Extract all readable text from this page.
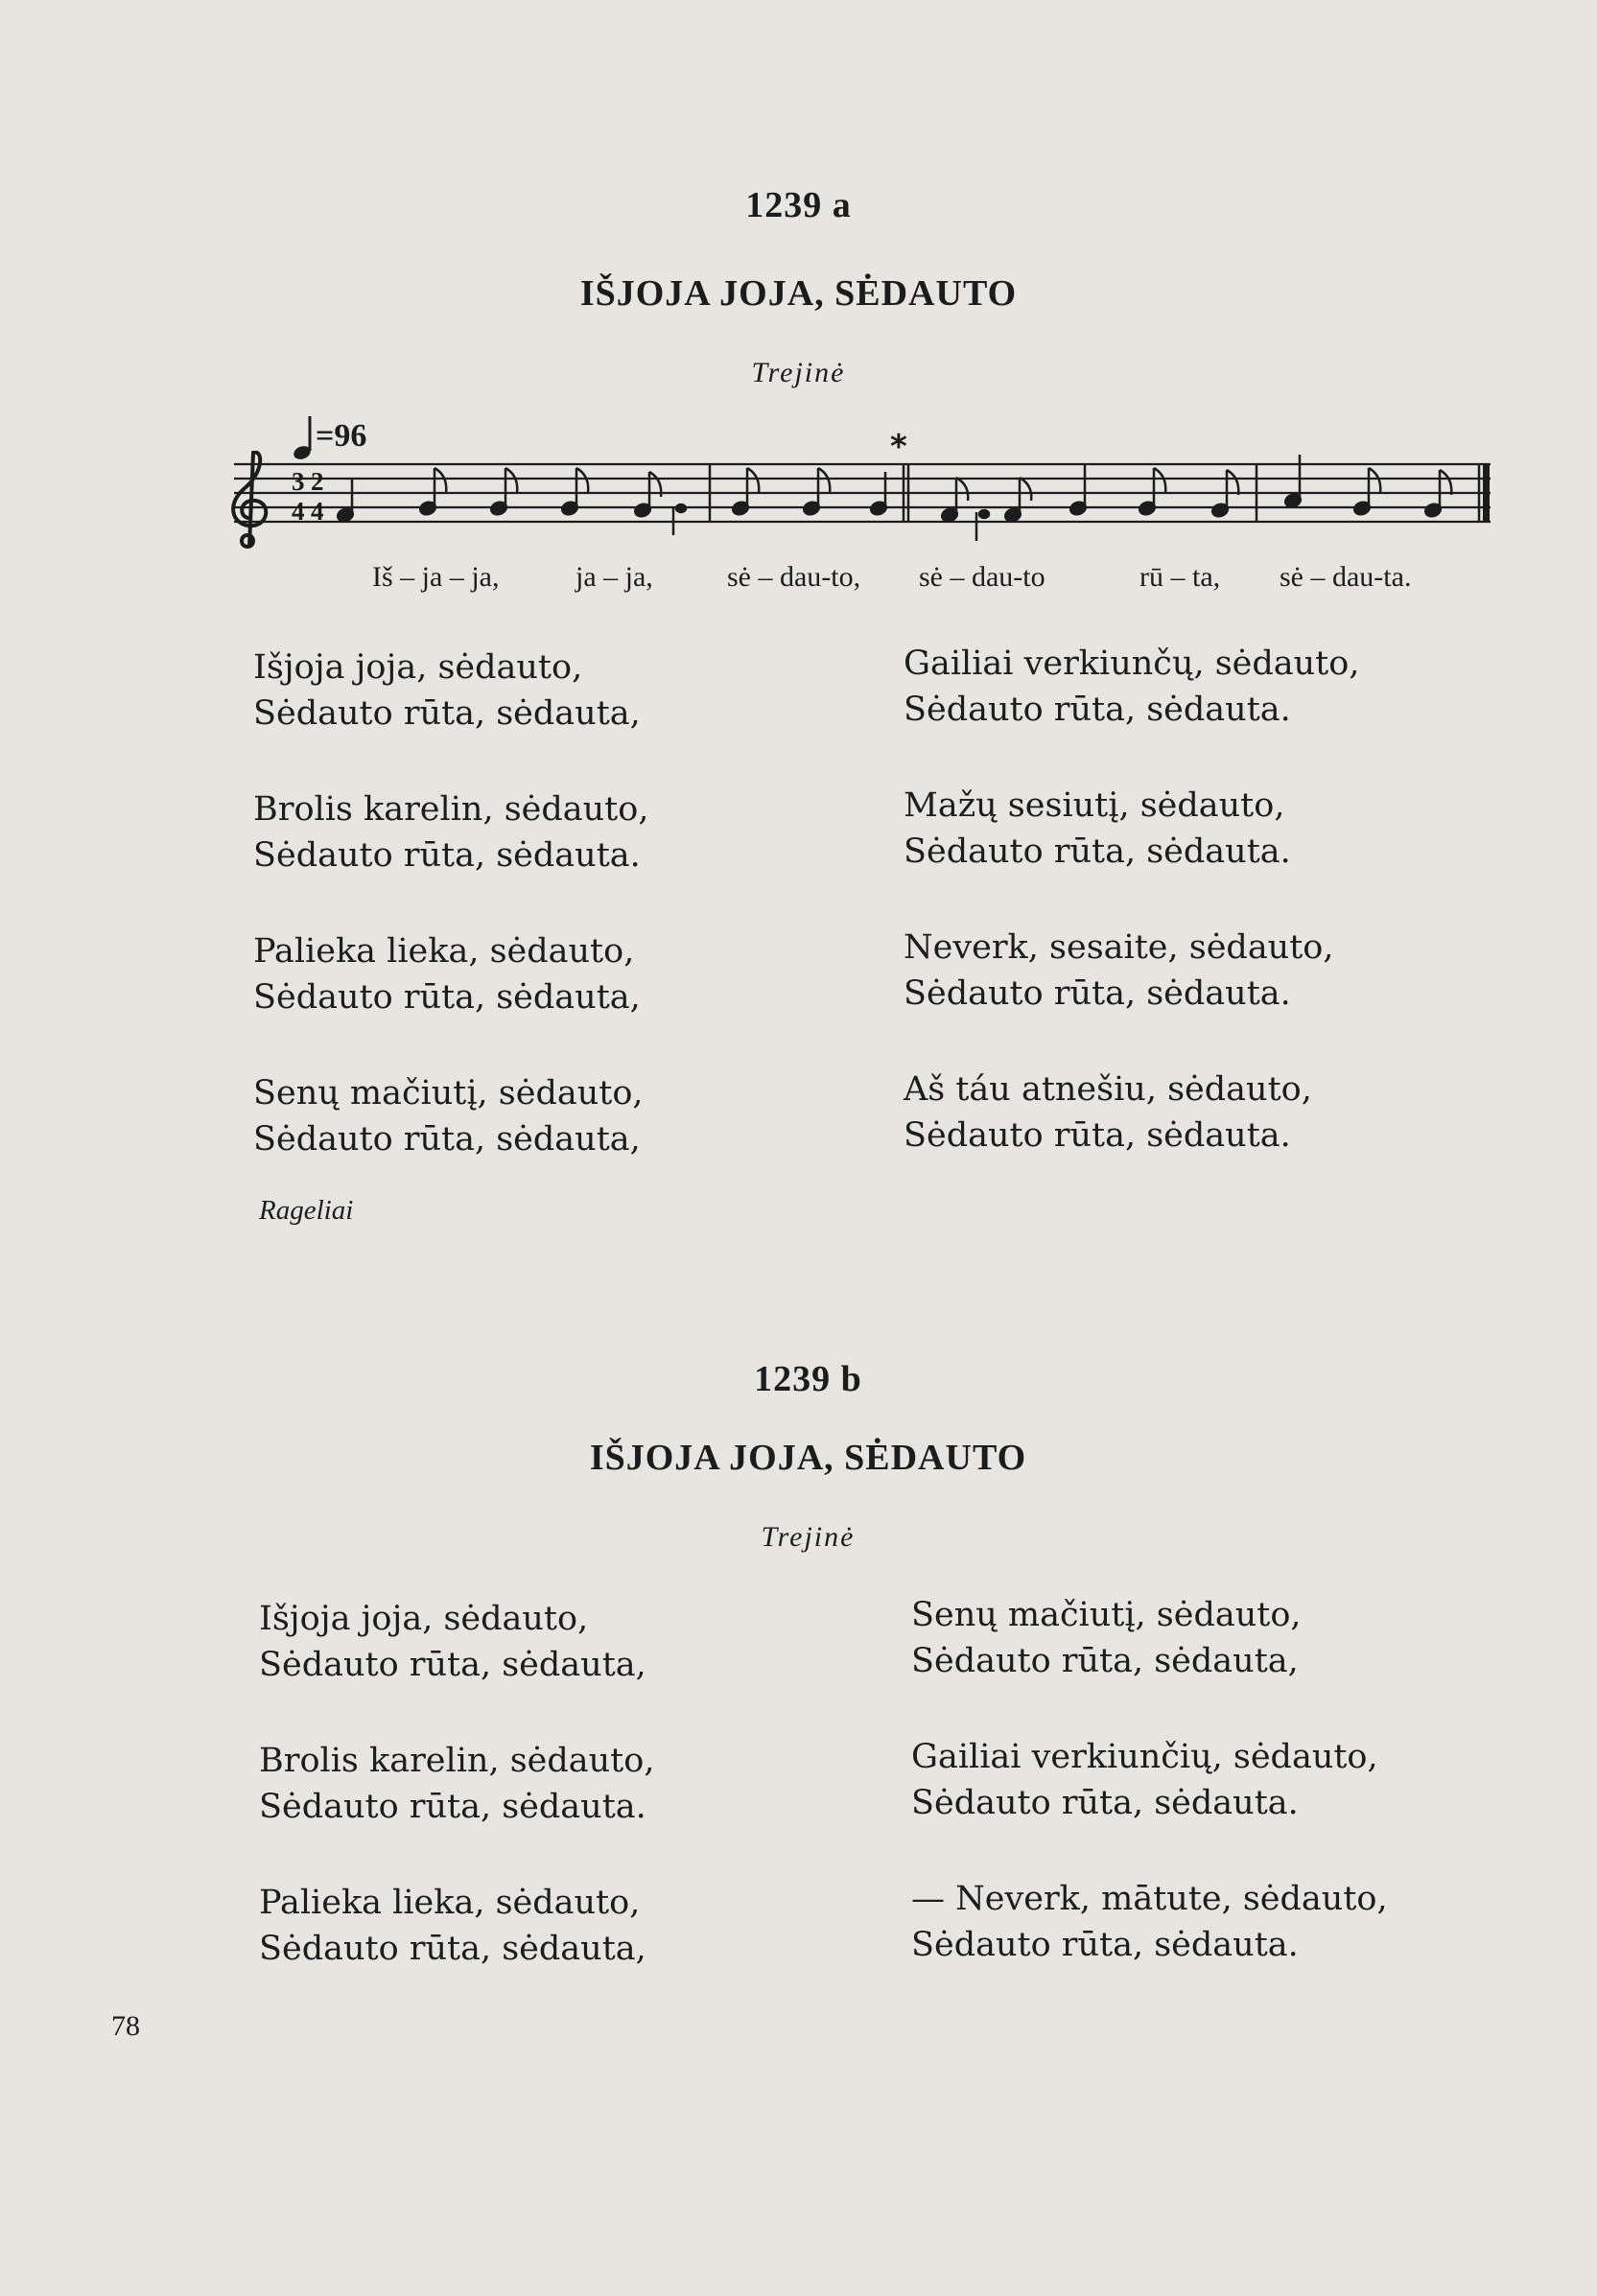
1239 a
IŠJOJA JOJA, SĖDAUTO
Trejinė
=96	*
3 2
4 4
Iš – ja – ja,	ja – ja,	sė – dau-to, sė – dau-to	rū – ta, sė – dau-ta.
Išjoja joja, sėdauto,
Sėdauto rūta, sėdauta,
Brolis karelin, sėdauto,
Sėdauto rūta, sėdauta.
Palieka lieka, sėdauto,
Sėdauto rūta, sėdauta,
Senų mačiutį, sėdauto,
Sėdauto rūta, sėdauta,
Gailiai verkiunčų, sėdauto,
Sėdauto rūta, sėdauta.
Mažų sesiutį, sėdauto,
Sėdauto rūta, sėdauta.
Neverk, sesaite, sėdauto,
Sėdauto rūta, sėdauta.
Aš táu atnešiu, sėdauto,
Sėdauto rūta, sėdauta.
Rageliai
1239 b
IŠJOJA JOJA, SĖDAUTO
Trejinė
Išjoja joja, sėdauto,
Sėdauto rūta, sėdauta,
Brolis karelin, sėdauto,
Sėdauto rūta, sėdauta.
Palieka lieka, sėdauto,
Sėdauto rūta, sėdauta,
Senų mačiutį, sėdauto,
Sėdauto rūta, sėdauta,
Gailiai verkiunčių, sėdauto,
Sėdauto rūta, sėdauta.
— Neverk, mātute, sėdauto,
Sėdauto rūta, sėdauta.
78
